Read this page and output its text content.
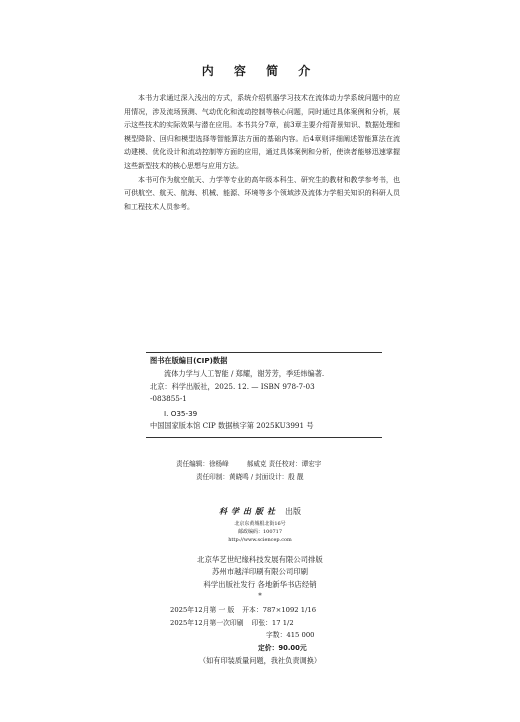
内 容 简 介

本书力求通过深入浅出的方式，系统介绍机器学习技术在流体动力学系统问题中的应用情况，涉及流场预测、气动优化和流动控制等核心问题，同时通过具体案例和分析，展示这些技术的实际效果与潜在应用。本书共分7章，前3章主要介绍背景知识、数据处理和模型降阶、回归和模型选择等智能算法方面的基础内容。后4章则详细阐述智能算法在流动建模、优化设计和流动控制等方面的应用，通过具体案例和分析，使读者能够迅速掌握这些新型技术的核心思想与应用方法。

本书可作为航空航天、力学等专业的高年级本科生、研究生的教材和教学参考书，也可供航空、航天、航海、机械、能源、环境等多个领域涉及流体力学相关知识的科研人员和工程技术人员参考。

图书在版编目(CIP)数据
流体力学与人工智能 / 郑耀，谢芳芳，季廷炜编著.
北京：科学出版社，2025. 12. — ISBN 978-7-03
-083855-1
Ⅰ. O35-39
中国国家版本馆 CIP 数据核字第 2025KU3991 号
责任编辑：徐杨峰	郝威克 责任校对：谭宏宇
责任印制：黄晓鸣 / 封面设计：殷 靓
科学出版社 出版
北京东黄城根北街16号
邮政编码：100717
http://www.sciencep.com
北京华艺世纪缘科技发展有限公司排版
苏州市越洋印刷有限公司印刷
科学出版社发行 各地新华书店经销
*
2025年12月第 一 版 开本：787×1092 1/16
2025年12月第一次印刷 印张：17 1/2
字数：415 000
定价：90.00元
（如有印装质量问题，我社负责调换）
